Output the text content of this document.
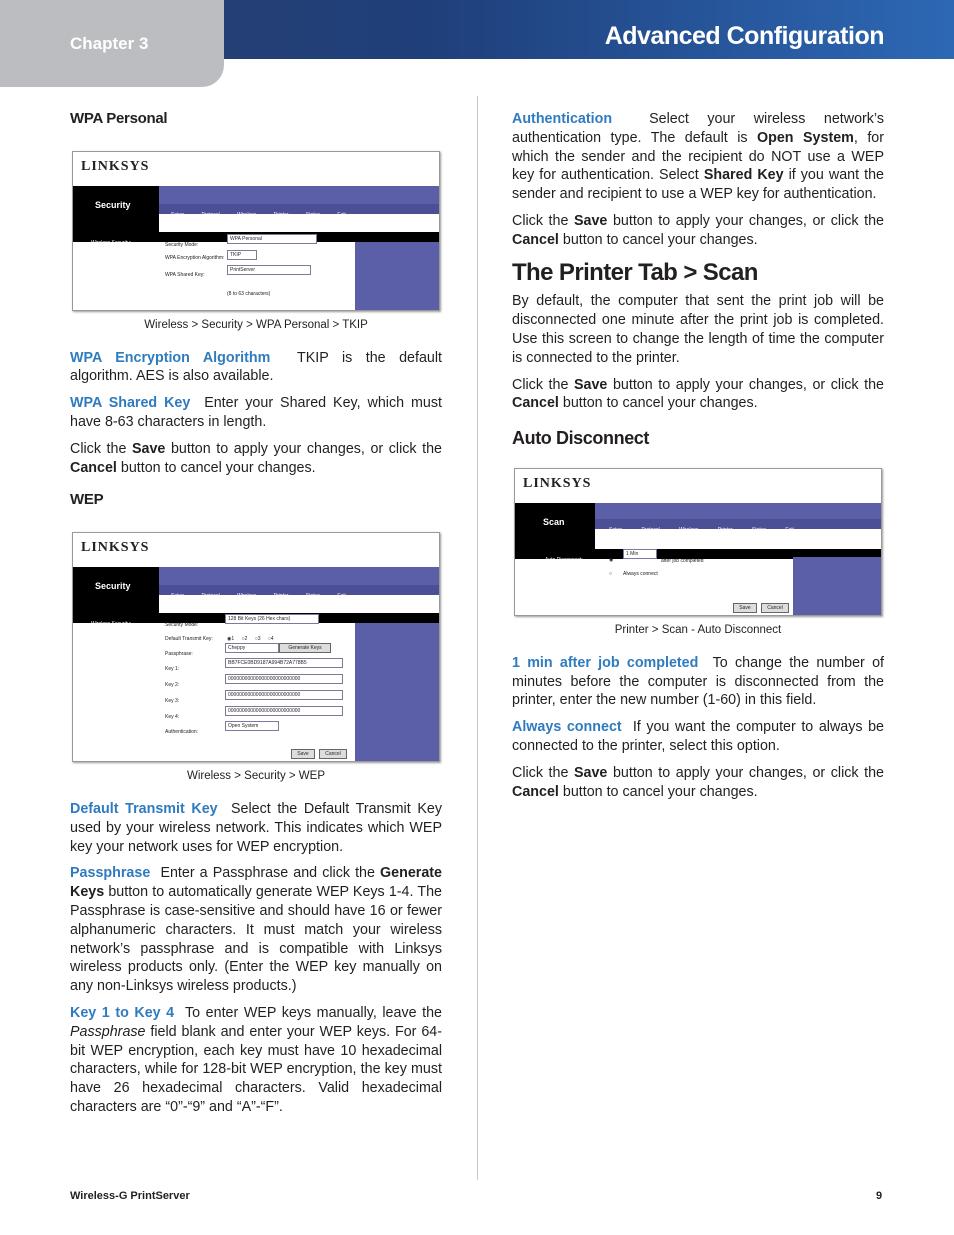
Chapter 3	Advanced Configuration
WPA Personal
LINKSYS
Security
Setup Protocol Wireless Printer Status Exit
Wireless Security:	Security Mode:
WPA Personal
WPA Encryption Algorithm:	TKIP
WPA Shared Key:
PrintServer
(8 to 63 characters)
Wireless > Security > WPA Personal > TKIP

WPA Encryption Algorithm TKIP is the default algorithm. AES is also available.

WPA Shared Key Enter your Shared Key, which must have 8-63 characters in length.

Click the Save button to apply your changes, or click the Cancel button to cancel your changes.

WEP
LINKSYS
Security
Setup Protocol Wireless Printer Status Exit
Wireless Security:	Security Mode:
128 Bit Keys (26 Hex chars)
Default Transmit Key:	◉1 ○2 ○3 ○4
Passphrase:
Cheppy	Generate Keys
Key 1:
BB7FCE0BD9187A994B72A778B5
Key 2:
00000000000000000000000000
Key 3:
00000000000000000000000000
Key 4:
00000000000000000000000000
Authentication:
Open System
Save	Cancel
Wireless > Security > WEP

Default Transmit Key Select the Default Transmit Key used by your wireless network. This indicates which WEP key your network uses for WEP encryption.

Passphrase Enter a Passphrase and click the Generate Keys button to automatically generate WEP Keys 1-4. The Passphrase is case-sensitive and should have 16 or fewer alphanumeric characters. It must match your wireless network’s passphrase and is compatible with Linksys wireless products only. (Enter the WEP key manually on any non-Linksys wireless products.)

Key 1 to Key 4 To enter WEP keys manually, leave the Passphrase field blank and enter your WEP keys. For 64-bit WEP encryption, each key must have 10 hexadecimal characters, while for 128-bit WEP encryption, the key must have 26 hexadecimal characters. Valid hexadecimal characters are “0”-“9” and “A”-“F”.

Authentication	Select your wireless network’s authentication type. The default is Open System, for which the sender and the recipient do NOT use a WEP key for authentication. Select Shared Key if you want the sender and recipient to use a WEP key for authentication.

Click the Save button to apply your changes, or click the Cancel button to cancel your changes.

The Printer Tab > Scan

By default, the computer that sent the print job will be disconnected one minute after the print job is completed. Use this screen to change the length of time the computer is connected to the printer.

Click the Save button to apply your changes, or click the Cancel button to cancel your changes.

Auto Disconnect
LINKSYS
Scan
Setup Protocol Wireless Printer Status Exit
Auto Disconnect:	◉
1 Min
after job completed
○ Always connect
Save	Cancel
Printer > Scan - Auto Disconnect

1 min after job completed To change the number of minutes before the computer is disconnected from the printer, enter the new number (1-60) in this field.

Always connect If you want the computer to always be connected to the printer, select this option.

Click the Save button to apply your changes, or click the Cancel button to cancel your changes.

Wireless-G PrintServer	9
